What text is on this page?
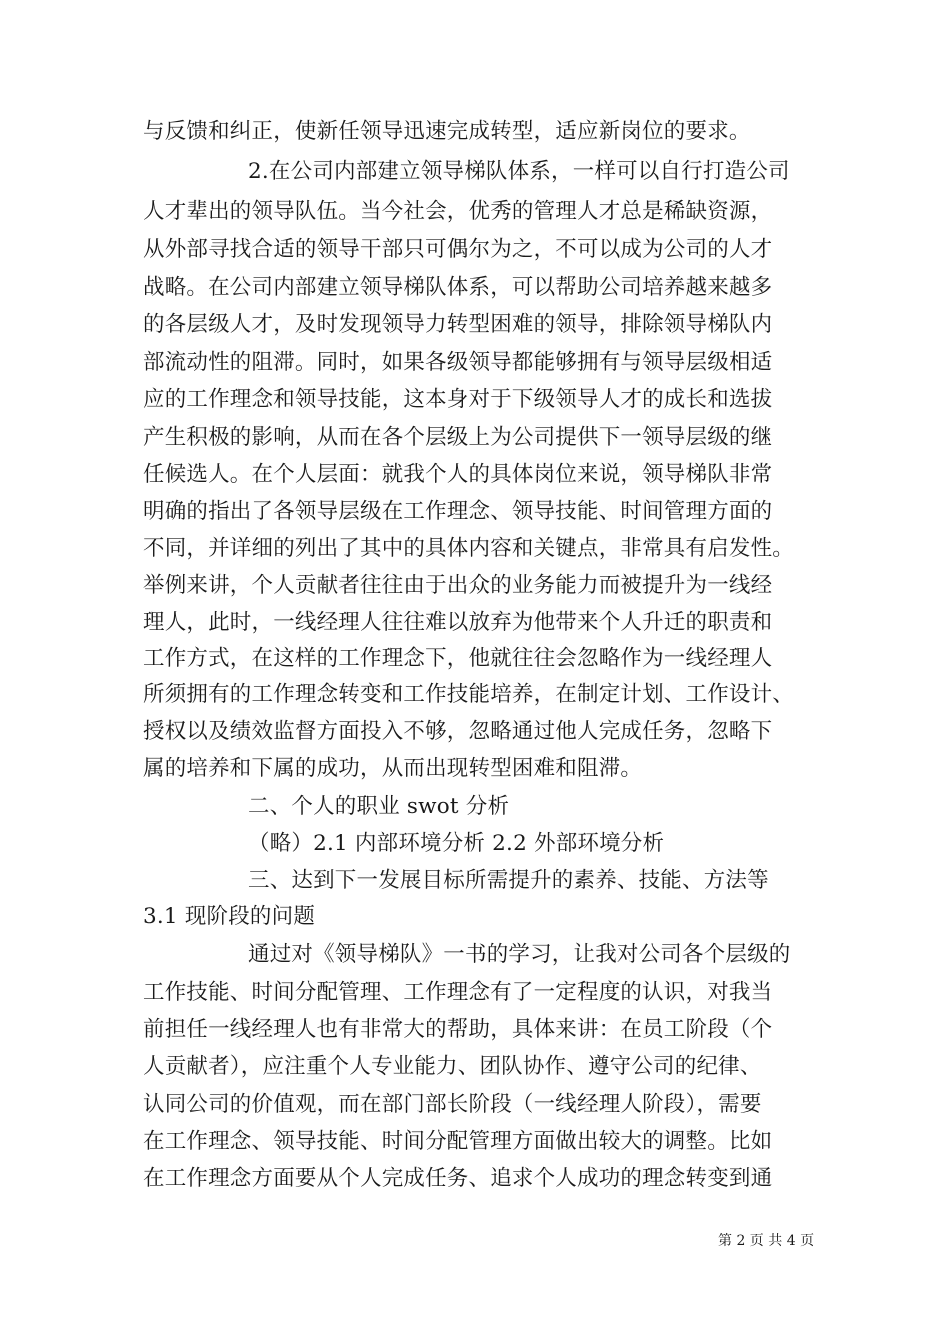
与反馈和纠正，使新任领导迅速完成转型，适应新岗位的要求。
2.在公司内部建立领导梯队体系，一样可以自行打造公司
人才辈出的领导队伍。当今社会，优秀的管理人才总是稀缺资源，
从外部寻找合适的领导干部只可偶尔为之，不可以成为公司的人才
战略。在公司内部建立领导梯队体系，可以帮助公司培养越来越多
的各层级人才，及时发现领导力转型困难的领导，排除领导梯队内
部流动性的阻滞。同时，如果各级领导都能够拥有与领导层级相适
应的工作理念和领导技能，这本身对于下级领导人才的成长和选拔
产生积极的影响，从而在各个层级上为公司提供下一领导层级的继
任候选人。在个人层面：就我个人的具体岗位来说，领导梯队非常
明确的指出了各领导层级在工作理念、领导技能、时间管理方面的
不同，并详细的列出了其中的具体内容和关键点，非常具有启发性。
举例来讲，个人贡献者往往由于出众的业务能力而被提升为一线经
理人，此时，一线经理人往往难以放弃为他带来个人升迁的职责和
工作方式，在这样的工作理念下，他就往往会忽略作为一线经理人
所须拥有的工作理念转变和工作技能培养，在制定计划、工作设计、
授权以及绩效监督方面投入不够，忽略通过他人完成任务，忽略下
属的培养和下属的成功，从而出现转型困难和阻滞。
二、个人的职业 swot 分析
（略）2.1 内部环境分析 2.2 外部环境分析
三、达到下一发展目标所需提升的素养、技能、方法等
3.1 现阶段的问题
通过对《领导梯队》一书的学习，让我对公司各个层级的
工作技能、时间分配管理、工作理念有了一定程度的认识，对我当
前担任一线经理人也有非常大的帮助，具体来讲：在员工阶段（个
人贡献者），应注重个人专业能力、团队协作、遵守公司的纪律、
认同公司的价值观，而在部门部长阶段（一线经理人阶段），需要
在工作理念、领导技能、时间分配管理方面做出较大的调整。比如
在工作理念方面要从个人完成任务、追求个人成功的理念转变到通
第 2 页 共 4 页
